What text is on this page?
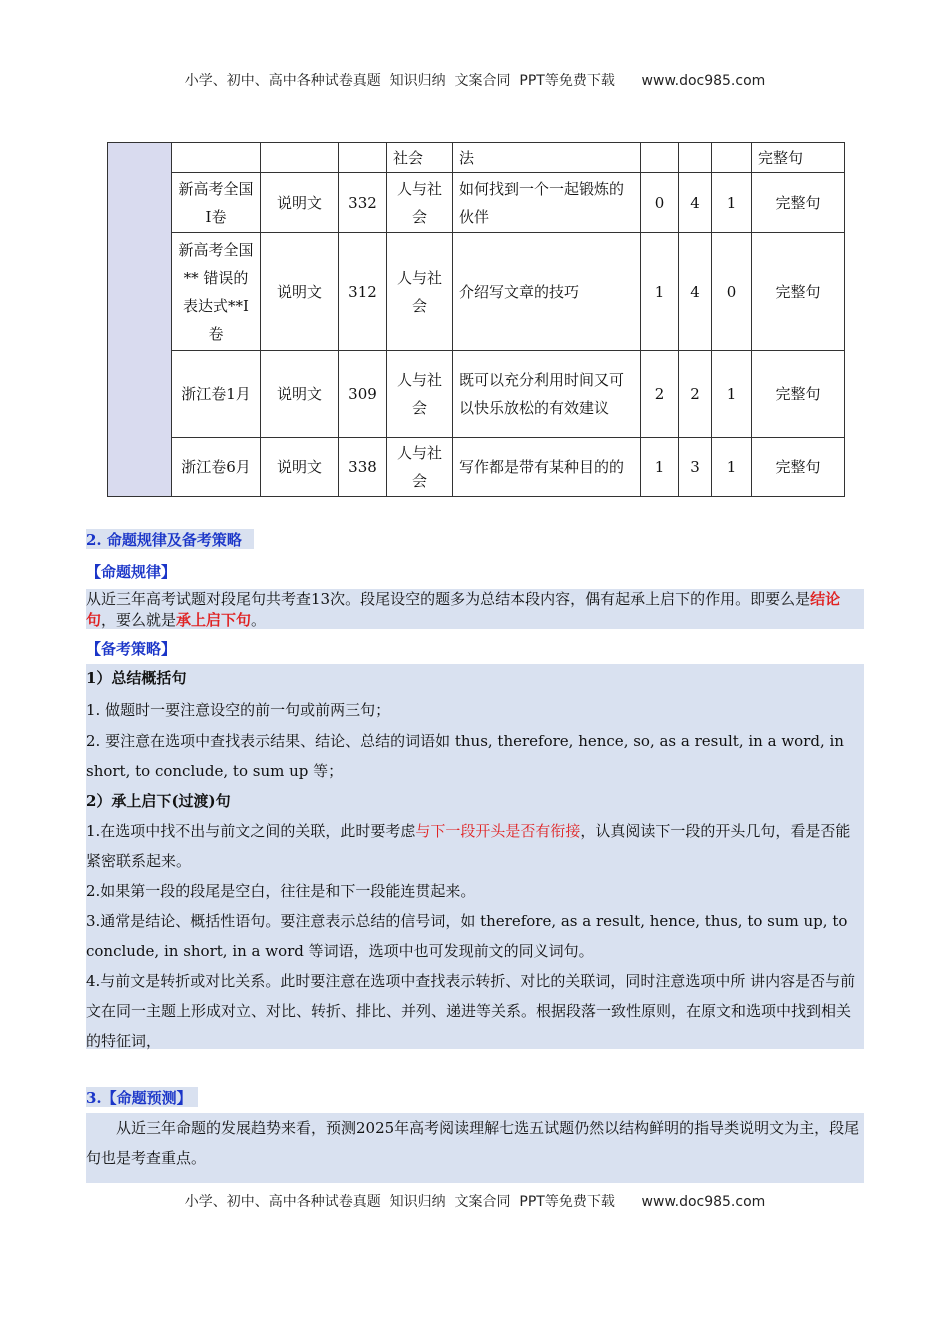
小学、初中、高中各种试卷真题  知识归纳  文案合同  PPT等免费下载 www.doc985.com
				社会	法				完整句
	新高考全国I卷	说明文	332	人与社会	如何找到一个一起锻炼的伙伴	0	4	1	完整句
	新高考全国** 错误的表达式**I卷	说明文	312	人与社会	介绍写文章的技巧	1	4	0	完整句
	浙江卷1月	说明文	309	人与社会	既可以充分利用时间又可以快乐放松的有效建议	2	2	1	完整句
	浙江卷6月	说明文	338	人与社会	写作都是带有某种目的的	1	3	1	完整句
2. 命题规律及备考策略
【命题规律】
从近三年高考试题对段尾句共考查13次。段尾设空的题多为总结本段内容，偶有起承上启下的作用。即要么是结论句，要么就是承上启下句。
【备考策略】
1）总结概括句
1. 做题时一要注意设空的前一句或前两三句；
2. 要注意在选项中查找表示结果、结论、总结的词语如 thus, therefore, hence, so, as a result, in a word, in short, to conclude, to sum up 等；
2）承上启下(过渡)句
1.在选项中找不出与前文之间的关联，此时要考虑与下一段开头是否有衔接，认真阅读下一段的开头几句，看是否能紧密联系起来。
2.如果第一段的段尾是空白，往往是和下一段能连贯起来。
3.通常是结论、概括性语句。要注意表示总结的信号词，如 therefore, as a result, hence, thus, to sum up, to conclude, in short, in a word 等词语，选项中也可发现前文的同义词句。
4.与前文是转折或对比关系。此时要注意在选项中查找表示转折、对比的关联词，同时注意选项中所 讲内容是否与前文在同一主题上形成对立、对比、转折、排比、并列、递进等关系。根据段落一致性原则，在原文和选项中找到相关的特征词，
3.【命题预测】
从近三年命题的发展趋势来看，预测2025年高考阅读理解七选五试题仍然以结构鲜明的指导类说明文为主，段尾句也是考查重点。
小学、初中、高中各种试卷真题  知识归纳  文案合同  PPT等免费下载 www.doc985.com
